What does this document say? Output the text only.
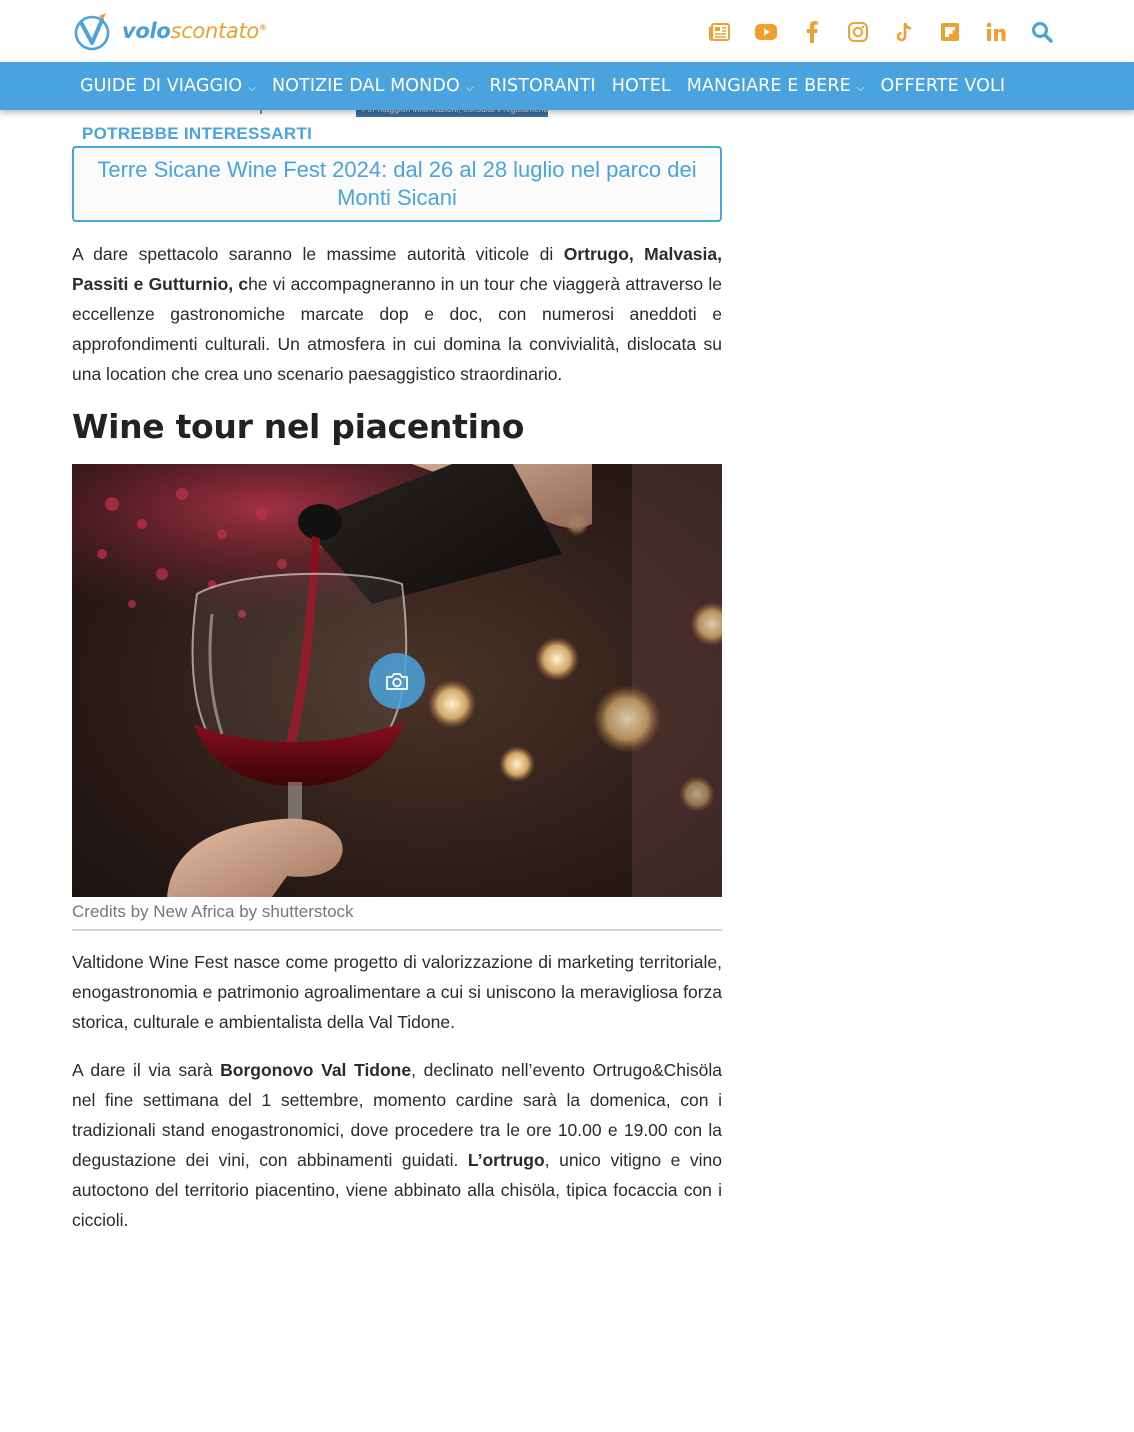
voloscontato®
GUIDE DI VIAGGIO ⌵ NOTIZIE DAL MONDO ⌵ RISTORANTI HOTEL MANGIARE E BERE ⌵ OFFERTE VOLI
POTREBBE INTERESSARTI
Terre Sicane Wine Fest 2024: dal 26 al 28 luglio nel parco dei Monti Sicani

A dare spettacolo saranno le massime autorità viticole di Ortrugo, Malvasia, Passiti e Gutturnio, che vi accompagneranno in un tour che viaggerà attraverso le eccellenze gastronomiche marcate dop e doc, con numerosi aneddoti e approfondimenti culturali. Un atmosfera in cui domina la convivialità, dislocata su una location che crea uno scenario paesaggistico straordinario.

Wine tour nel piacentino
Credits by New Africa by shutterstock

Valtidone Wine Fest nasce come progetto di valorizzazione di marketing territoriale, enogastronomia e patrimonio agroalimentare a cui si uniscono la meravigliosa forza storica, culturale e ambientalista della Val Tidone.

A dare il via sarà Borgonovo Val Tidone, declinato nell’evento Ortrugo&Chisöla nel fine settimana del 1 settembre, momento cardine sarà la domenica, con i tradizionali stand enogastronomici, dove procedere tra le ore 10.00 e 19.00 con la degustazione dei vini, con abbinamenti guidati. L’ortrugo, unico vitigno e vino autoctono del territorio piacentino, viene abbinato alla chisöla, tipica focaccia con i ciccioli.
